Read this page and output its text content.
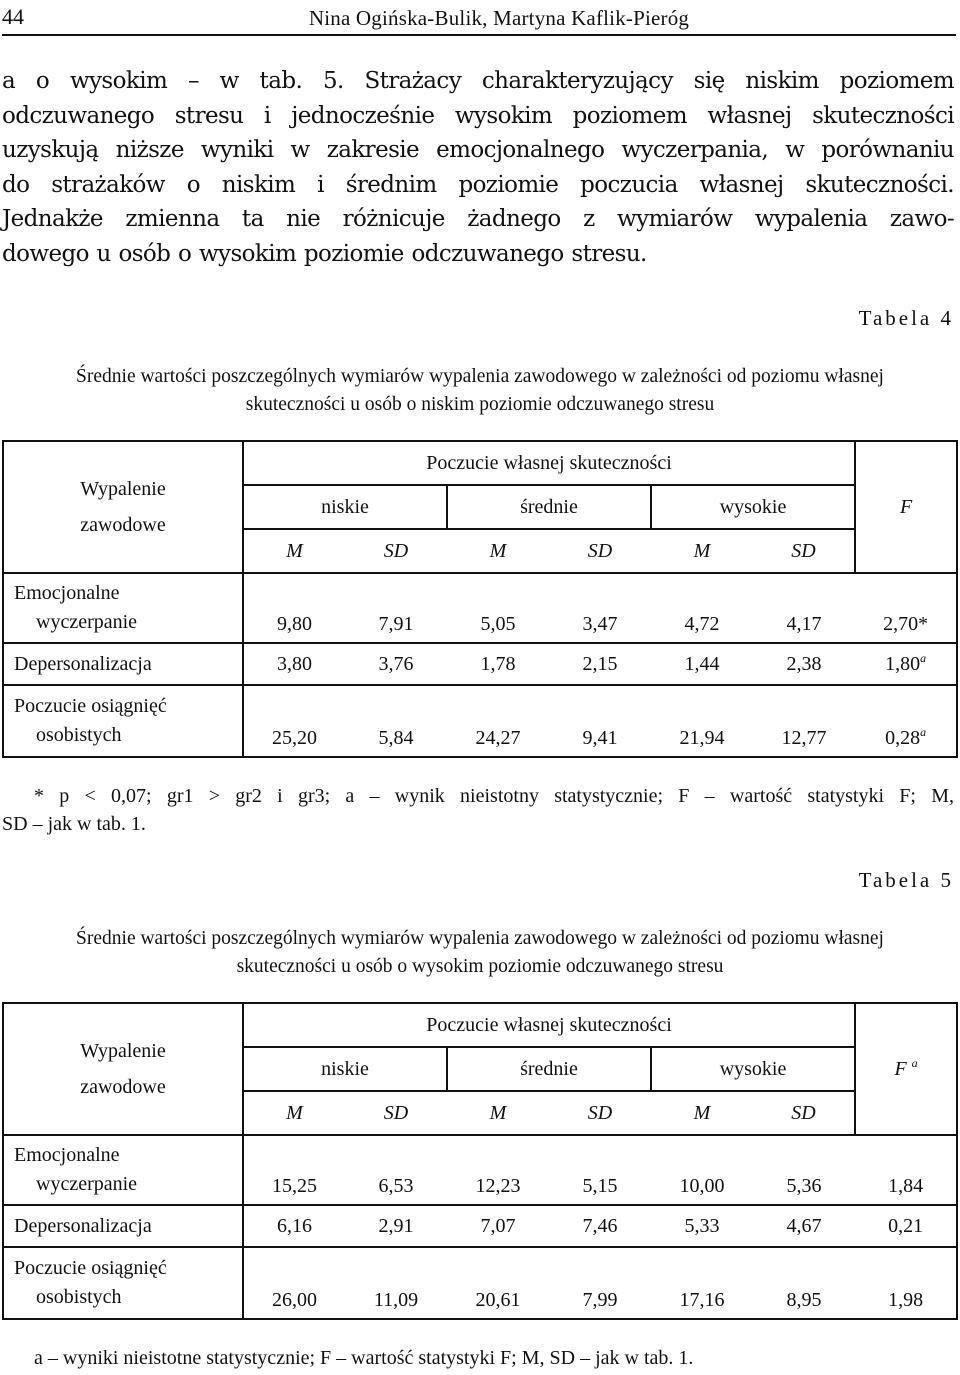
44	Nina Ogińska-Bulik, Martyna Kaflik-Pieróg

a o wysokim – w tab. 5. Strażacy charakteryzujący się niskim poziomem
odczuwanego stresu i jednocześnie wysokim poziomem własnej skuteczności
uzyskują niższe wyniki w zakresie emocjonalnego wyczerpania, w porównaniu
do strażaków o niskim i średnim poziomie poczucia własnej skuteczności.
Jednakże zmienna ta nie różnicuje żadnego z wymiarów wypalenia zawo-
dowego u osób o wysokim poziomie odczuwanego stresu.

Tabela 4

Średnie wartości poszczególnych wymiarów wypalenia zawodowego w zależności od poziomu własnej
skuteczności u osób o niskim poziomie odczuwanego stresu

Wypalenie
zawodowe	Poczucie własnej skuteczności						F
	niskie		średnie		wysokie		
	M	SD	M	SD	M	SD	
Emocjonalne
wyczerpanie	9,80	7,91	5,05	3,47	4,72	4,17	2,70*
Depersonalizacja	3,80	3,76	1,78	2,15	1,44	2,38	1,80$^a$
Poczucie osiągnięć
osobistych	25,20	5,84	24,27	9,41	21,94	12,77	0,28$^a$

* p < 0,07; gr1 > gr2 i gr3; a – wynik nieistotny statystycznie; F – wartość statystyki F; M,
SD – jak w tab. 1.

Tabela 5

Średnie wartości poszczególnych wymiarów wypalenia zawodowego w zależności od poziomu własnej
skuteczności u osób o wysokim poziomie odczuwanego stresu

Wypalenie
zawodowe	Poczucie własnej skuteczności						F $^a$
	niskie		średnie		wysokie		
	M	SD	M	SD	M	SD	
Emocjonalne
wyczerpanie	15,25	6,53	12,23	5,15	10,00	5,36	1,84
Depersonalizacja	6,16	2,91	7,07	7,46	5,33	4,67	0,21
Poczucie osiągnięć
osobistych	26,00	11,09	20,61	7,99	17,16	8,95	1,98

a – wyniki nieistotne statystycznie; F – wartość statystyki F; M, SD – jak w tab. 1.
